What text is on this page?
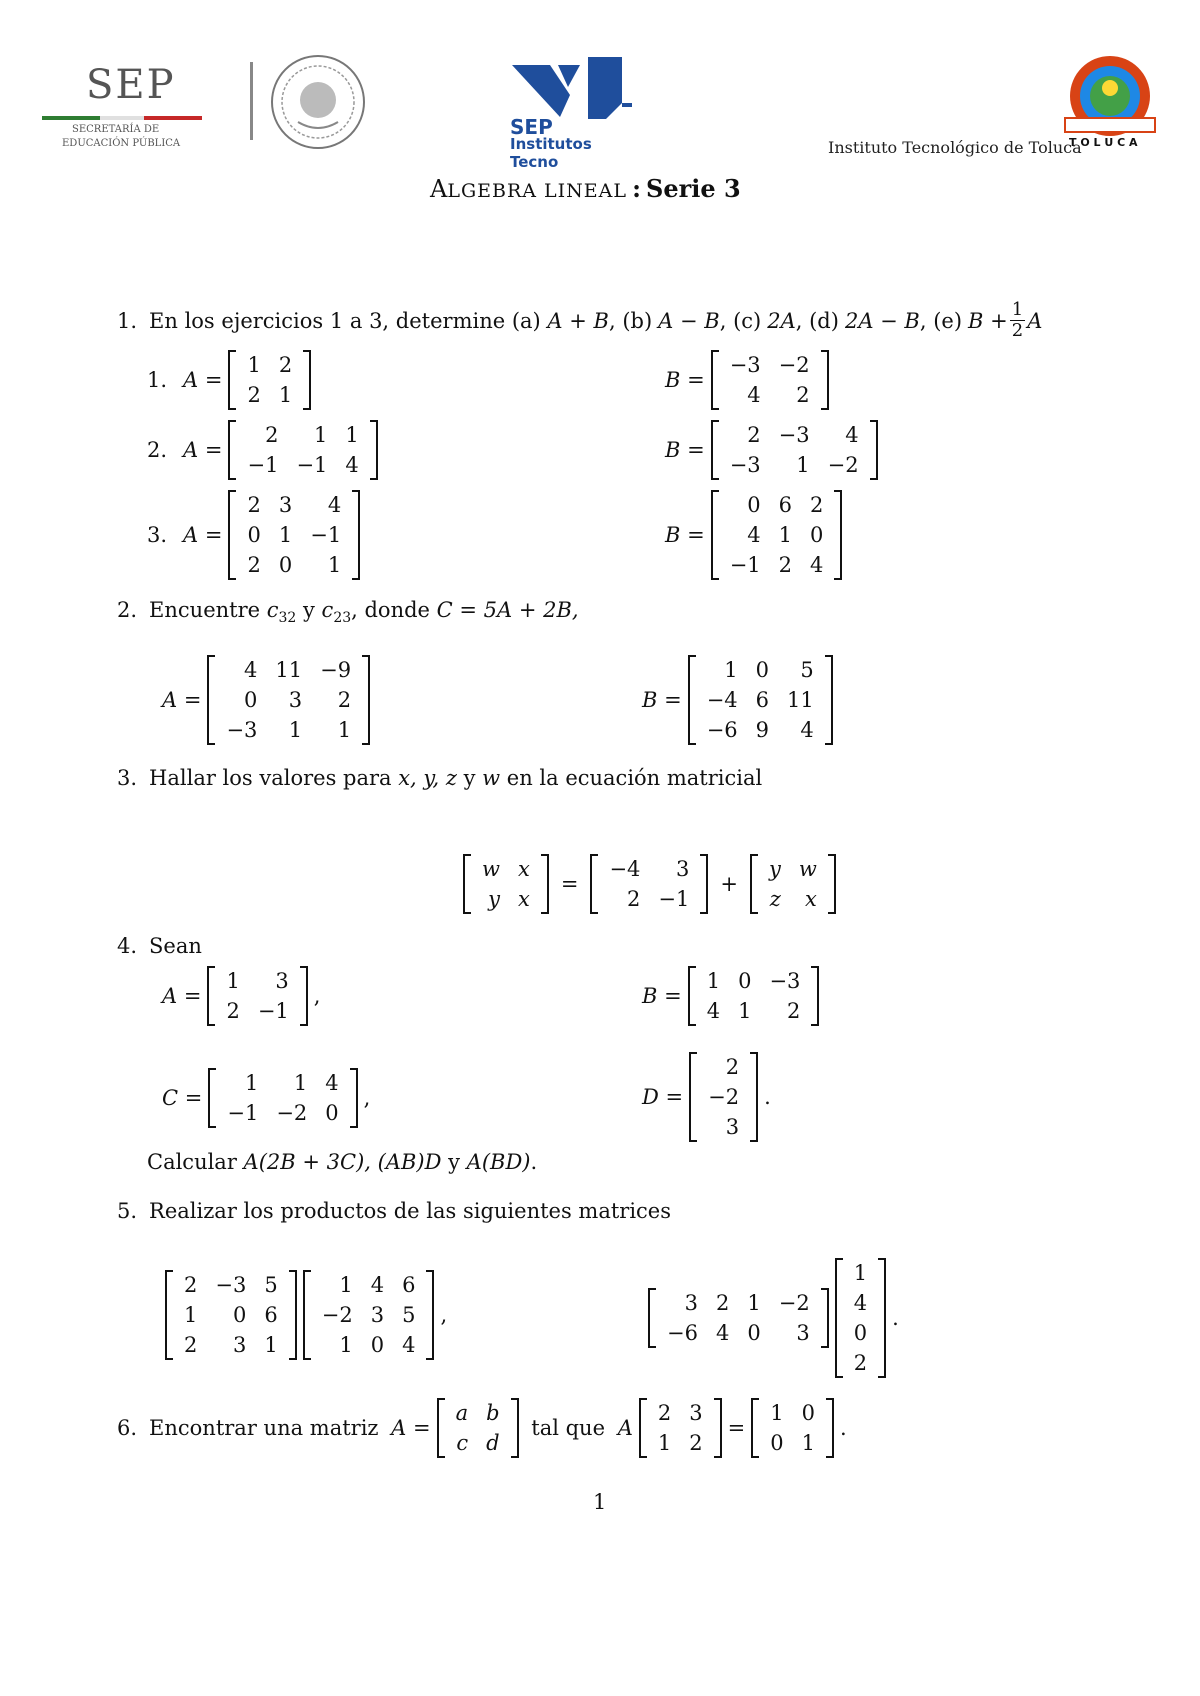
SEP
SECRETARÍA DE
EDUCACIÓN PÚBLICA
SEP
Institutos Tecno
Instituto Tecnológico de Toluca
T O L U C A
ALGEBRA LINEAL : Serie 3
1. En los ejercicios 1 a 3, determine (a) A + B , (b) A − B , (c) 2A , (d) 2A − B , (e) $B + \frac{1}{2}$ A
1. A =
1	2
2	1
B =
−3	−2
4	2
2. A =
2	1	1
−1	−1	4
B =
2	−3	4
−3	1	−2
3. A =
2	3	4
0	1	−1
2	0	1
B =
0	6	2
4	1	0
−1	2	4
2. Encuentre $c_{32}$ y $c_{23}$, donde C = 5A + 2B,
A =
4	11	−9
0	3	2
−3	1	1
B =
1	0	5
−4	6	11
−6	9	4
3. Hallar los valores para x, y, z y w en la ecuación matricial
w	x
y	x
=
−4	3
2	−1
+
y	w
z	x
4. Sean
A =
1	3
2	−1
,	B =
1	0	−3
4	1	2
C =
1	1	4
−1	−2	0
,	D =
2
−2
3
.
Calcular A(2B + 3C), (AB)D y A(BD).
5. Realizar los productos de las siguientes matrices
2	−3	5
1	0	6
2	3	1
1	4	6
−2	3	5
1	0	4
,	3	2	1	−2
−6	4	0	3
1
4
0
2
.
6. Encontrar una matriz A =
a	b
c	d
tal que A
2	3
1	2
=
1	0
0	1
.
1
